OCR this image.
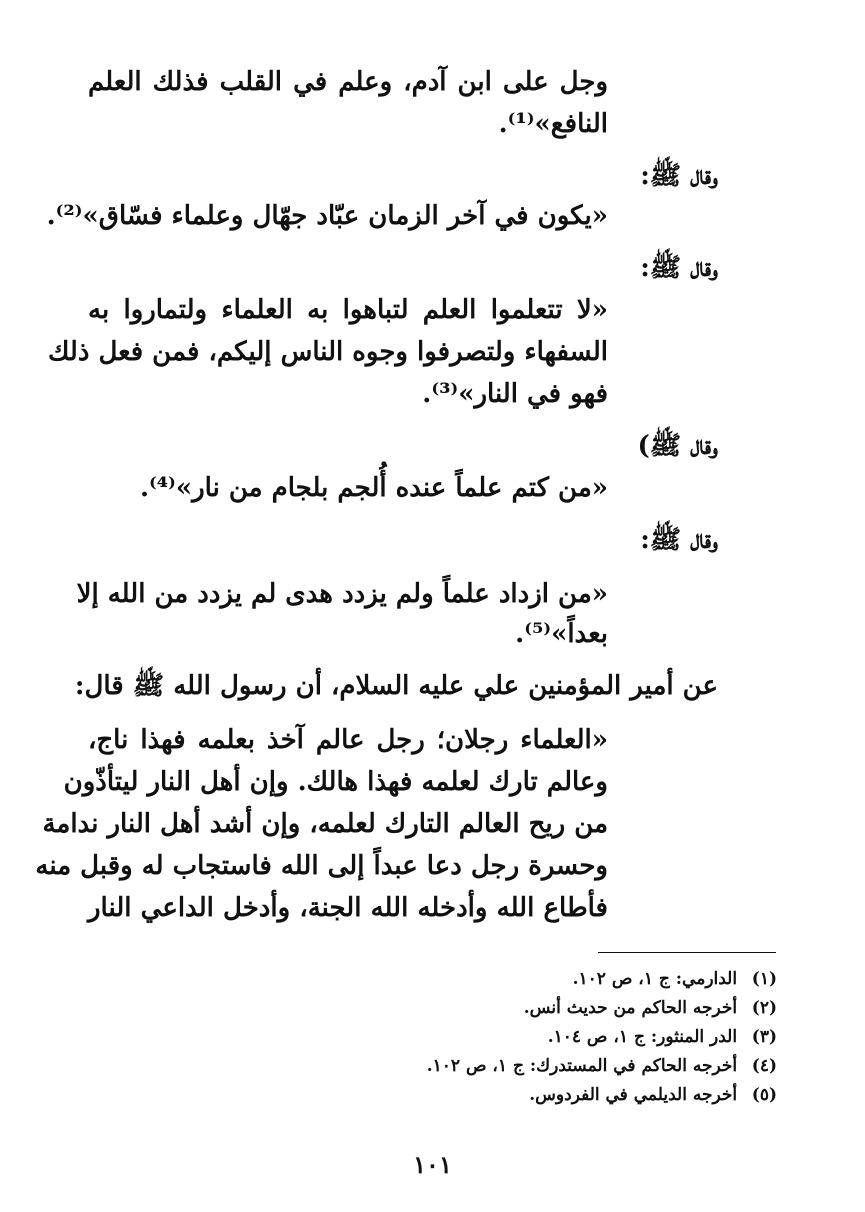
وجل على ابن آدم، وعلم في القلب فذلك العلم
النافع»⁽¹⁾.
وقال ﷺ:
«يكون في آخر الزمان عبّاد جهّال وعلماء فسّاق»⁽²⁾.
وقال ﷺ:
«لا تتعلموا العلم لتباهوا به العلماء ولتماروا به
السفهاء ولتصرفوا وجوه الناس إليكم، فمن فعل ذلك
فهو في النار»⁽³⁾.
وقال ﷺ)
«من كتم علماً عنده أُلجم بلجام من نار»⁽⁴⁾.
وقال ﷺ:
«من ازداد علماً ولم يزدد هدى لم يزدد من الله إلا
بعداً»⁽⁵⁾.
عن أمير المؤمنين علي عليه السلام، أن رسول الله ﷺ قال:
«العلماء رجلان؛ رجل عالم آخذ بعلمه فهذا ناج،
وعالم تارك لعلمه فهذا هالك. وإن أهل النار ليتأذّون
من ريح العالم التارك لعلمه، وإن أشد أهل النار ندامة
وحسرة رجل دعا عبداً إلى الله فاستجاب له وقبل منه
فأطاع الله وأدخله الله الجنة، وأدخل الداعي النار
(١) الدارمي: ج ١، ص ١٠٢.
(٢) أخرجه الحاكم من حديث أنس.
(٣) الدر المنثور: ج ١، ص ١٠٤.
(٤) أخرجه الحاكم في المستدرك: ج ١، ص ١٠٢.
(٥) أخرجه الديلمي في الفردوس.
١٠١
